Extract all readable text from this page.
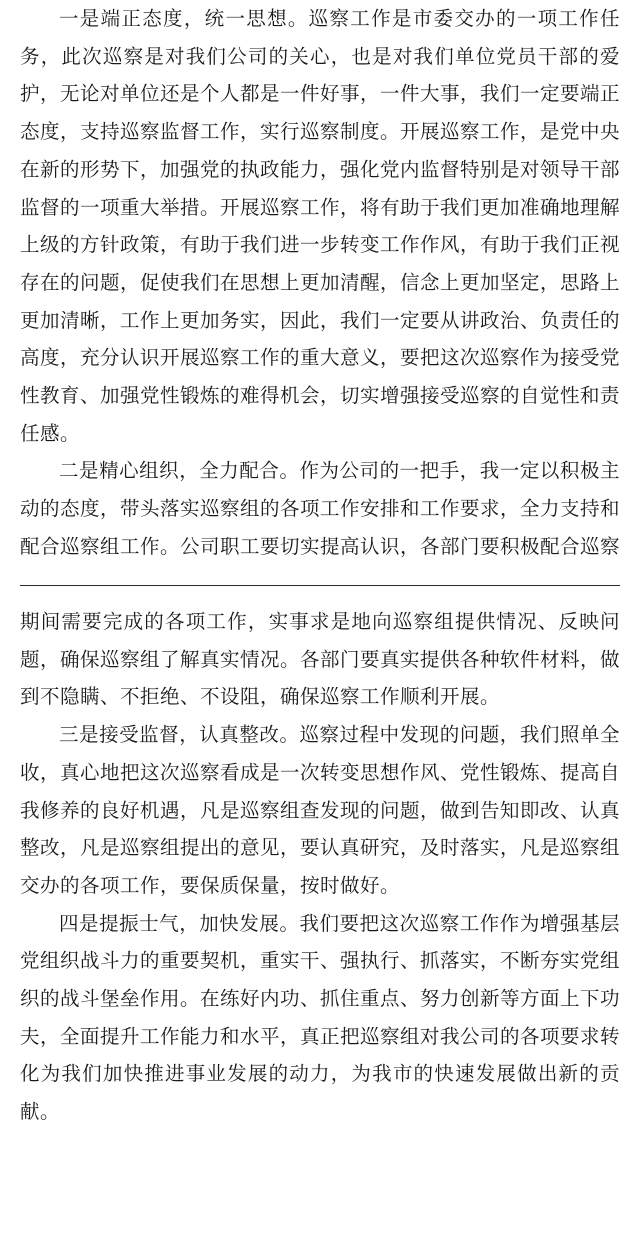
一是端正态度，统一思想。巡察工作是市委交办的一项工作任务，此次巡察是对我们公司的关心，也是对我们单位党员干部的爱护，无论对单位还是个人都是一件好事，一件大事，我们一定要端正态度，支持巡察监督工作，实行巡察制度。开展巡察工作，是党中央在新的形势下，加强党的执政能力，强化党内监督特别是对领导干部监督的一项重大举措。开展巡察工作，将有助于我们更加准确地理解上级的方针政策，有助于我们进一步转变工作作风，有助于我们正视存在的问题，促使我们在思想上更加清醒，信念上更加坚定，思路上更加清晰，工作上更加务实，因此，我们一定要从讲政治、负责任的高度，充分认识开展巡察工作的重大意义，要把这次巡察作为接受党性教育、加强党性锻炼的难得机会，切实增强接受巡察的自觉性和责任感。

二是精心组织，全力配合。作为公司的一把手，我一定以积极主动的态度，带头落实巡察组的各项工作安排和工作要求，全力支持和配合巡察组工作。公司职工要切实提高认识，各部门要积极配合巡察

期间需要完成的各项工作，实事求是地向巡察组提供情况、反映问题，确保巡察组了解真实情况。各部门要真实提供各种软件材料，做到不隐瞒、不拒绝、不设阻，确保巡察工作顺利开展。

三是接受监督，认真整改。巡察过程中发现的问题，我们照单全收，真心地把这次巡察看成是一次转变思想作风、党性锻炼、提高自我修养的良好机遇，凡是巡察组查发现的问题，做到告知即改、认真整改，凡是巡察组提出的意见，要认真研究，及时落实，凡是巡察组交办的各项工作，要保质保量，按时做好。

四是提振士气，加快发展。我们要把这次巡察工作作为增强基层党组织战斗力的重要契机，重实干、强执行、抓落实，不断夯实党组织的战斗堡垒作用。在练好内功、抓住重点、努力创新等方面上下功夫，全面提升工作能力和水平，真正把巡察组对我公司的各项要求转化为我们加快推进事业发展的动力，为我市的快速发展做出新的贡献。
